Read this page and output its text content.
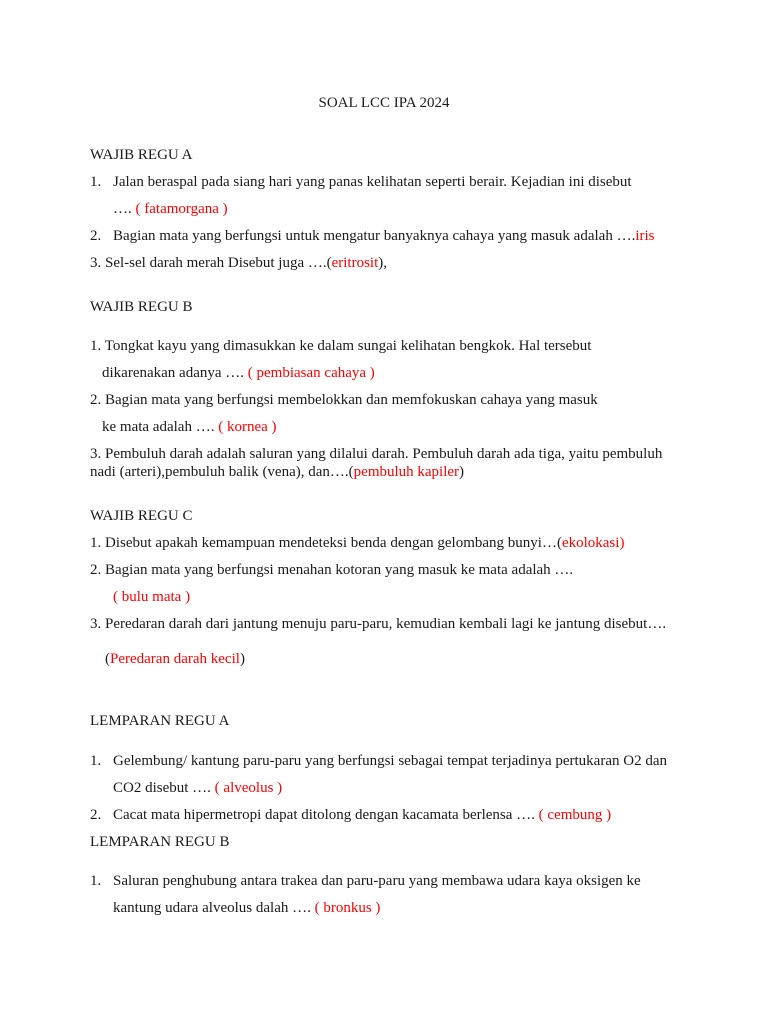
SOAL LCC IPA 2024
WAJIB REGU A
1. Jalan beraspal pada siang hari yang panas kelihatan seperti berair. Kejadian ini disebut
…. ( fatamorgana )
2. Bagian mata yang berfungsi untuk mengatur banyaknya cahaya yang masuk adalah ….iris
3. Sel-sel darah merah Disebut juga ….(eritrosit),
WAJIB REGU B
1. Tongkat kayu yang dimasukkan ke dalam sungai kelihatan bengkok. Hal tersebut
dikarenakan adanya …. ( pembiasan cahaya )
2. Bagian mata yang berfungsi membelokkan dan memfokuskan cahaya yang masuk
ke mata adalah …. ( kornea )
3. Pembuluh darah adalah saluran yang dilalui darah. Pembuluh darah ada tiga, yaitu pembuluh
nadi (arteri),pembuluh balik (vena), dan….(pembuluh kapiler)
WAJIB REGU C
1. Disebut apakah kemampuan mendeteksi benda dengan gelombang bunyi…(ekolokasi)
2. Bagian mata yang berfungsi menahan kotoran yang masuk ke mata adalah ….
( bulu mata )
3. Peredaran darah dari jantung menuju paru-paru, kemudian kembali lagi ke jantung disebut….
(Peredaran darah kecil)
LEMPARAN REGU A
1. Gelembung/ kantung paru-paru yang berfungsi sebagai tempat terjadinya pertukaran O2 dan
CO2 disebut …. ( alveolus )
2. Cacat mata hipermetropi dapat ditolong dengan kacamata berlensa …. ( cembung )
LEMPARAN REGU B
1. Saluran penghubung antara trakea dan paru-paru yang membawa udara kaya oksigen ke
kantung udara alveolus dalah …. ( bronkus )
